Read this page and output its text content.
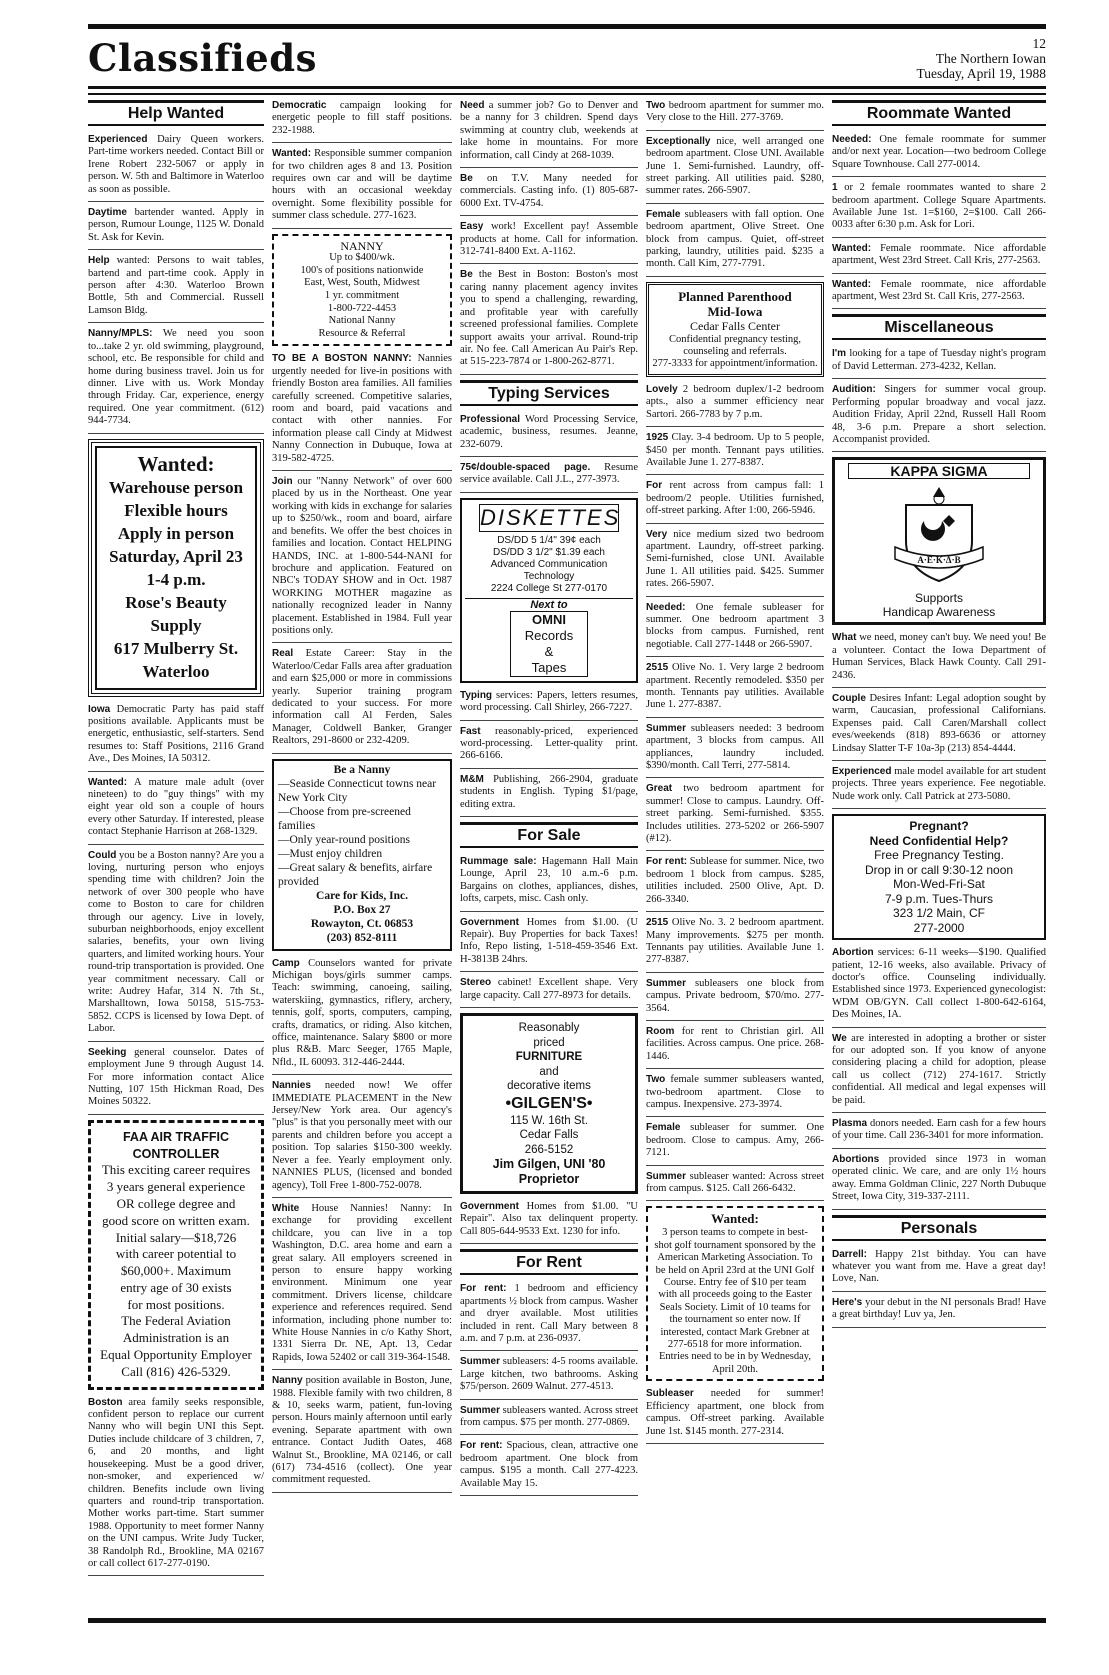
Classifieds	12
The Northern Iowan
Tuesday, April 19, 1988
Help Wanted

Experienced Dairy Queen workers. Part-time workers needed. Contact Bill or Irene Robert 232-5067 or apply in person. W. 5th and Baltimore in Waterloo as soon as possible.

Daytime bartender wanted. Apply in person, Rumour Lounge, 1125 W. Donald St. Ask for Kevin.

Help wanted: Persons to wait tables, bartend and part-time cook. Apply in person after 4:30. Waterloo Brown Bottle, 5th and Commercial. Russell Lamson Bldg.

Nanny/MPLS: We need you soon to...take 2 yr. old swimming, playground, school, etc. Be responsible for child and home during business travel. Join us for dinner. Live with us. Work Monday through Friday. Car, experience, energy required. One year commitment. (612) 944-7734.

Wanted:
Warehouse person
Flexible hours
Apply in person
Saturday, April 23
1-4 p.m.
Rose's Beauty
Supply
617 Mulberry St.
Waterloo

Iowa Democratic Party has paid staff positions available. Applicants must be energetic, enthusiastic, self-starters. Send resumes to: Staff Positions, 2116 Grand Ave., Des Moines, IA 50312.

Wanted: A mature male adult (over nineteen) to do "guy things" with my eight year old son a couple of hours every other Saturday. If interested, please contact Stephanie Harrison at 268-1329.

Could you be a Boston nanny? Are you a loving, nurturing person who enjoys spending time with children? Join the network of over 300 people who have come to Boston to care for children through our agency. Live in lovely, suburban neighborhoods, enjoy excellent salaries, benefits, your own living quarters, and limited working hours. Your round-trip transportation is provided. One year commitment necessary. Call or write: Audrey Hafar, 314 N. 7th St., Marshalltown, Iowa 50158, 515-753-5852. CCPS is licensed by Iowa Dept. of Labor.

Seeking general counselor. Dates of employment June 9 through August 14. For more information contact Alice Nutting, 107 15th Hickman Road, Des Moines 50322.

FAA AIR TRAFFIC
CONTROLLER
This exciting career requires
3 years general experience
OR college degree and
good score on written exam.
Initial salary—$18,726
with career potential to
$60,000+. Maximum
entry age of 30 exists
for most positions.
The Federal Aviation
Administration is an
Equal Opportunity Employer
Call (816) 426-5329.

Boston area family seeks responsible, confident person to replace our current Nanny who will begin UNI this Sept. Duties include childcare of 3 children, 7, 6, and 20 months, and light housekeeping. Must be a good driver, non-smoker, and experienced w/ children. Benefits include own living quarters and round-trip transportation. Mother works part-time. Start summer 1988. Opportunity to meet former Nanny on the UNI campus. Write Judy Tucker, 38 Randolph Rd., Brookline, MA 02167 or call collect 617-277-0190.

Democratic campaign looking for energetic people to fill staff positions. 232-1988.

Wanted: Responsible summer companion for two children ages 8 and 13. Position requires own car and will be daytime hours with an occasional weekday overnight. Some flexibility possible for summer class schedule. 277-1623.

NANNY
Up to $400/wk.
100's of positions nationwide
East, West, South, Midwest
1 yr. commitment
1-800-722-4453
National Nanny
Resource & Referral

TO BE A BOSTON NANNY: Nannies urgently needed for live-in positions with friendly Boston area families. All families carefully screened. Competitive salaries, room and board, paid vacations and contact with other nannies. For information please call Cindy at Midwest Nanny Connection in Dubuque, Iowa at 319-582-4725.

Join our "Nanny Network" of over 600 placed by us in the Northeast. One year working with kids in exchange for salaries up to $250/wk., room and board, airfare and benefits. We offer the best choices in families and location. Contact HELPING HANDS, INC. at 1-800-544-NANI for brochure and application. Featured on NBC's TODAY SHOW and in Oct. 1987 WORKING MOTHER magazine as nationally recognized leader in Nanny placement. Established in 1984. Full year positions only.

Real Estate Career: Stay in the Waterloo/Cedar Falls area after graduation and earn $25,000 or more in commissions yearly. Superior training program dedicated to your success. For more information call Al Ferden, Sales Manager, Coldwell Banker, Granger Realtors, 291-8600 or 232-4209.

Be a Nanny
—Seaside Connecticut towns near New York City
—Choose from pre-screened families
—Only year-round positions
—Must enjoy children
—Great salary & benefits, airfare provided
Care for Kids, Inc.
P.O. Box 27
Rowayton, Ct. 06853
(203) 852-8111

Camp Counselors wanted for private Michigan boys/girls summer camps. Teach: swimming, canoeing, sailing, waterskiing, gymnastics, riflery, archery, tennis, golf, sports, computers, camping, crafts, dramatics, or riding. Also kitchen, office, maintenance. Salary $800 or more plus R&B. Marc Seeger, 1765 Maple, Nfld., IL 60093. 312-446-2444.

Nannies needed now! We offer IMMEDIATE PLACEMENT in the New Jersey/New York area. Our agency's "plus" is that you personally meet with our parents and children before you accept a position. Top salaries $150-300 weekly. Never a fee. Yearly employment only. NANNIES PLUS, (licensed and bonded agency), Toll Free 1-800-752-0078.

White House Nannies! Nanny: In exchange for providing excellent childcare, you can live in a top Washington, D.C. area home and earn a great salary. All employers screened in person to ensure happy working environment. Minimum one year commitment. Drivers license, childcare experience and references required. Send information, including phone number to: White House Nannies in c/o Kathy Short, 1331 Sierra Dr. NE, Apt. 13, Cedar Rapids, Iowa 52402 or call 319-364-1548.

Nanny position available in Boston, June, 1988. Flexible family with two children, 8 & 10, seeks warm, patient, fun-loving person. Hours mainly afternoon until early evening. Separate apartment with own entrance. Contact Judith Oates, 468 Walnut St., Brookline, MA 02146, or call (617) 734-4516 (collect). One year commitment requested.

Need a summer job? Go to Denver and be a nanny for 3 children. Spend days swimming at country club, weekends at lake home in mountains. For more information, call Cindy at 268-1039.

Be on T.V. Many needed for commercials. Casting info. (1) 805-687-6000 Ext. TV-4754.

Easy work! Excellent pay! Assemble products at home. Call for information. 312-741-8400 Ext. A-1162.

Be the Best in Boston: Boston's most caring nanny placement agency invites you to spend a challenging, rewarding, and profitable year with carefully screened professional families. Complete support awaits your arrival. Round-trip air. No fee. Call American Au Pair's Rep. at 515-223-7874 or 1-800-262-8771.

Typing Services

Professional Word Processing Service, academic, business, resumes. Jeanne, 232-6079.

75¢/double-spaced page. Resume service available. Call J.L., 277-3973.

DISKETTES
DS/DD 5 1/4" 39¢ each
DS/DD 3 1/2" $1.39 each
Advanced Communication Technology
2224 College St 277-0170
Next to
OMNI
Records
&
Tapes

Typing services: Papers, letters resumes, word processing. Call Shirley, 266-7227.

Fast reasonably-priced, experienced word-processing. Letter-quality print. 266-6166.

M&M Publishing, 266-2904, graduate students in English. Typing $1/page, editing extra.

For Sale

Rummage sale: Hagemann Hall Main Lounge, April 23, 10 a.m.-6 p.m. Bargains on clothes, appliances, dishes, lofts, carpets, misc. Cash only.

Government Homes from $1.00. (U Repair). Buy Properties for back Taxes! Info, Repo listing, 1-518-459-3546 Ext. H-3813B 24hrs.

Stereo cabinet! Excellent shape. Very large capacity. Call 277-8973 for details.

Reasonably
priced
FURNITURE
and
decorative items
•GILGEN'S•
115 W. 16th St.
Cedar Falls
266-5152
Jim Gilgen, UNI '80
Proprietor

Government Homes from $1.00. "U Repair". Also tax delinquent property. Call 805-644-9533 Ext. 1230 for info.

For Rent

For rent: 1 bedroom and efficiency apartments ½ block from campus. Washer and dryer available. Most utilities included in rent. Call Mary between 8 a.m. and 7 p.m. at 236-0937.

Summer subleasers: 4-5 rooms available. Large kitchen, two bathrooms. Asking $75/person. 2609 Walnut. 277-4513.

Summer subleasers wanted. Across street from campus. $75 per month. 277-0869.

For rent: Spacious, clean, attractive one bedroom apartment. One block from campus. $195 a month. Call 277-4223. Available May 15.

Two bedroom apartment for summer mo. Very close to the Hill. 277-3769.

Exceptionally nice, well arranged one bedroom apartment. Close UNI. Available June 1. Semi-furnished. Laundry, off-street parking. All utilities paid. $280, summer rates. 266-5907.

Female subleasers with fall option. One bedroom apartment, Olive Street. One block from campus. Quiet, off-street parking, laundry, utilities paid. $235 a month. Call Kim, 277-7791.

Planned Parenthood
Mid-Iowa
Cedar Falls Center
Confidential pregnancy testing, counseling and referrals.
277-3333 for appointment/information.

Lovely 2 bedroom duplex/1-2 bedroom apts., also a summer efficiency near Sartori. 266-7783 by 7 p.m.

1925 Clay. 3-4 bedroom. Up to 5 people, $450 per month. Tennant pays utilities. Available June 1. 277-8387.

For rent across from campus fall: 1 bedroom/2 people. Utilities furnished, off-street parking. After 1:00, 266-5946.

Very nice medium sized two bedroom apartment. Laundry, off-street parking. Semi-furnished, close UNI. Available June 1. All utilities paid. $425. Summer rates. 266-5907.

Needed: One female subleaser for summer. One bedroom apartment 3 blocks from campus. Furnished, rent negotiable. Call 277-1448 or 266-5907.

2515 Olive No. 1. Very large 2 bedroom apartment. Recently remodeled. $350 per month. Tennants pay utilities. Available June 1. 277-8387.

Summer subleasers needed: 3 bedroom apartment, 3 blocks from campus. All appliances, laundry included. $390/month. Call Terri, 277-5814.

Great two bedroom apartment for summer! Close to campus. Laundry. Off-street parking. Semi-furnished. $355. Includes utilities. 273-5202 or 266-5907 (#12).

For rent: Sublease for summer. Nice, two bedroom 1 block from campus. $285, utilities included. 2500 Olive, Apt. D. 266-3340.

2515 Olive No. 3. 2 bedroom apartment. Many improvements. $275 per month. Tennants pay utilities. Available June 1. 277-8387.

Summer subleasers one block from campus. Private bedroom, $70/mo. 277-3564.

Room for rent to Christian girl. All facilities. Across campus. One price. 268-1446.

Two female summer subleasers wanted, two-bedroom apartment. Close to campus. Inexpensive. 273-3974.

Female subleaser for summer. One bedroom. Close to campus. Amy, 266-7121.

Summer subleaser wanted: Across street from campus. $125. Call 266-6432.

Wanted:
3 person teams to compete in best-shot golf tournament sponsored by the American Marketing Association. To be held on April 23rd at the UNI Golf Course. Entry fee of $10 per team with all proceeds going to the Easter Seals Society. Limit of 10 teams for the tournament so enter now. If interested, contact Mark Grebner at 277-6518 for more information. Entries need to be in by Wednesday, April 20th.

Subleaser needed for summer! Efficiency apartment, one block from campus. Off-street parking. Available June 1st. $145 month. 277-2314.

Roommate Wanted

Needed: One female roommate for summer and/or next year. Location—two bedroom College Square Townhouse. Call 277-0014.

1 or 2 female roommates wanted to share 2 bedroom apartment. College Square Apartments. Available June 1st. 1=$160, 2=$100. Call 266-0033 after 6:30 p.m. Ask for Lori.

Wanted: Female roommate. Nice affordable apartment, West 23rd Street. Call Kris, 277-2563.

Wanted: Female roommate, nice affordable apartment, West 23rd St. Call Kris, 277-2563.

Miscellaneous

I'm looking for a tape of Tuesday night's program of David Letterman. 273-4232, Kellan.

Audition: Singers for summer vocal group. Performing popular broadway and vocal jazz. Audition Friday, April 22nd, Russell Hall Room 48, 3-6 p.m. Prepare a short selection. Accompanist provided.

KAPPA SIGMA
A·E·K·Δ·B
Supports
Handicap Awareness

What we need, money can't buy. We need you! Be a volunteer. Contact the Iowa Department of Human Services, Black Hawk County. Call 291-2436.

Couple Desires Infant: Legal adoption sought by warm, Caucasian, professional Californians. Expenses paid. Call Caren/Marshall collect eves/weekends (818) 893-6636 or attorney Lindsay Slatter T-F 10a-3p (213) 854-4444.

Experienced male model available for art student projects. Three years experience. Fee negotiable. Nude work only. Call Patrick at 273-5080.

Pregnant?
Need Confidential Help?
Free Pregnancy Testing.
Drop in or call 9:30-12 noon
Mon-Wed-Fri-Sat
7-9 p.m. Tues-Thurs
323 1/2 Main, CF
277-2000

Abortion services: 6-11 weeks—$190. Qualified patient, 12-16 weeks, also available. Privacy of doctor's office. Counseling individually. Established since 1973. Experienced gynecologist: WDM OB/GYN. Call collect 1-800-642-6164, Des Moines, IA.

We are interested in adopting a brother or sister for our adopted son. If you know of anyone considering placing a child for adoption, please call us collect (712) 274-1617. Strictly confidential. All medical and legal expenses will be paid.

Plasma donors needed. Earn cash for a few hours of your time. Call 236-3401 for more information.

Abortions provided since 1973 in woman operated clinic. We care, and are only 1½ hours away. Emma Goldman Clinic, 227 North Dubuque Street, Iowa City, 319-337-2111.

Personals

Darrell: Happy 21st bithday. You can have whatever you want from me. Have a great day! Love, Nan.

Here's your debut in the NI personals Brad! Have a great birthday! Luv ya, Jen.
